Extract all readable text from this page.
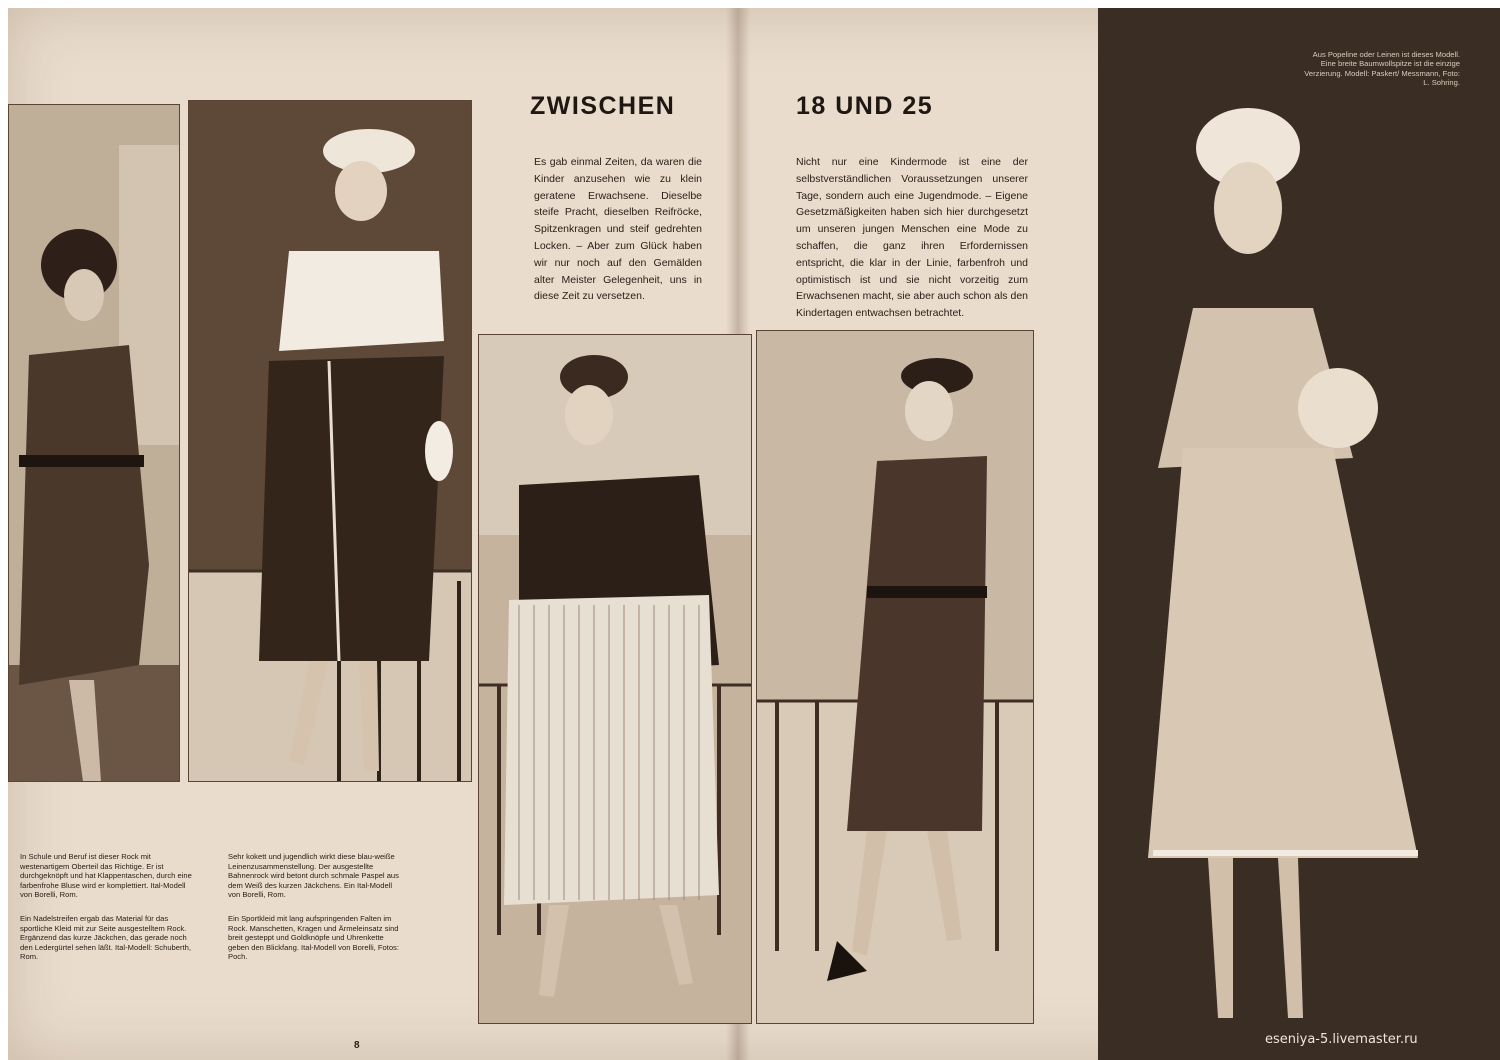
ZWISCHEN	18 UND 25

Es gab einmal Zeiten, da waren die Kinder anzusehen wie zu klein geratene Erwachsene. Dieselbe steife Pracht, dieselben Reifröcke, Spitzenkragen und steif gedrehten Locken. – Aber zum Glück haben wir nur noch auf den Gemälden alter Meister Gelegenheit, uns in diese Zeit zu versetzen.

Nicht nur eine Kindermode ist eine der selbstverständlichen Voraussetzungen unserer Tage, sondern auch eine Jugendmode. – Eigene Gesetzmäßigkeiten haben sich hier durchgesetzt um unseren jungen Menschen eine Mode zu schaffen, die ganz ihren Erfordernissen entspricht, die klar in der Linie, farbenfroh und optimistisch ist und sie nicht vorzeitig zum Erwachsenen macht, sie aber auch schon als den Kindertagen entwachsen betrachtet.

In Schule und Beruf ist dieser Rock mit westenartigem Oberteil das Richtige. Er ist durchgeknöpft und hat Klappentaschen, durch eine farbenfrohe Bluse wird er komplettiert. Ital-Modell von Borelli, Rom.

Ein Nadelstreifen ergab das Material für das sportliche Kleid mit zur Seite ausgestelltem Rock. Ergänzend das kurze Jäckchen, das gerade noch den Ledergürtel sehen läßt. Ital-Modell: Schuberth, Rom.

Sehr kokett und jugendlich wirkt diese blau-weiße Leinenzusammenstellung. Der ausgestellte Bahnenrock wird betont durch schmale Paspel aus dem Weiß des kurzen Jäckchens. Ein Ital-Modell von Borelli, Rom.

Ein Sportkleid mit lang aufspringenden Falten im Rock. Manschetten, Kragen und Ärmeleinsatz sind breit gesteppt und Goldknöpfe und Uhrenkette geben den Blickfang. Ital-Modell von Borelli, Fotos: Poch.

Aus Popeline oder Leinen ist dieses Modell. Eine breite Baumwollspitze ist die einzige Verzierung. Modell: Paskert/ Messmann, Foto: L. Sohring.

8	eseniya-5.livemaster.ru
